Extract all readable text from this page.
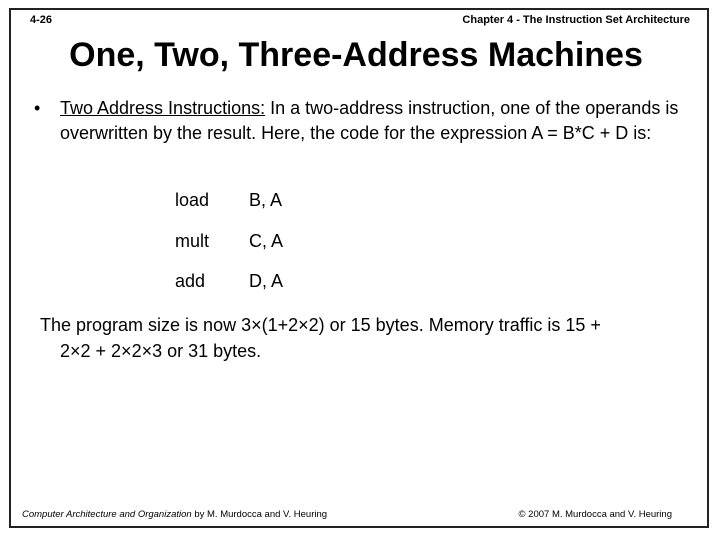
4-26	Chapter 4 - The Instruction Set Architecture
One, Two, Three-Address Machines
• Two Address Instructions: In a two-address instruction, one of the operands is overwritten by the result. Here, the code for the expression A = B*C + D is:
load B, A
mult C, A
add D, A
The program size is now 3×(1+2×2) or 15 bytes. Memory traffic is 15 +
2×2 + 2×2×3 or 31 bytes.
Computer Architecture and Organization by M. Murdocca and V. Heuring	© 2007 M. Murdocca and V. Heuring
